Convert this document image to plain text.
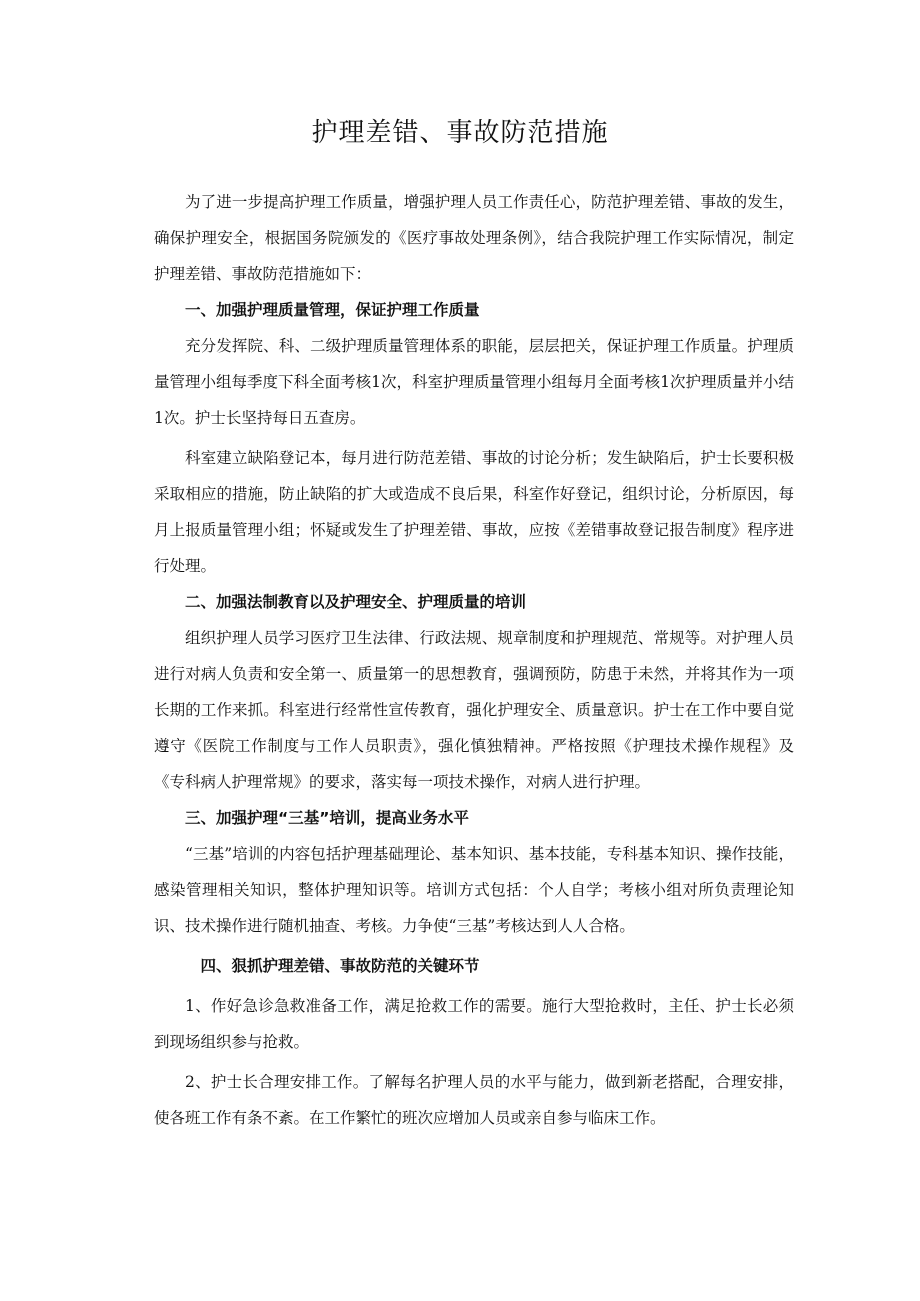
护理差错、事故防范措施

为了进一步提高护理工作质量，增强护理人员工作责任心，防范护理差错、事故的发生，确保护理安全，根据国务院颁发的《医疗事故处理条例》，结合我院护理工作实际情况，制定护理差错、事故防范措施如下：

一、加强护理质量管理，保证护理工作质量

充分发挥院、科、二级护理质量管理体系的职能，层层把关，保证护理工作质量。护理质量管理小组每季度下科全面考核1次，科室护理质量管理小组每月全面考核1次护理质量并小结1次。护士长坚持每日五查房。

科室建立缺陷登记本，每月进行防范差错、事故的讨论分析；发生缺陷后，护士长要积极采取相应的措施，防止缺陷的扩大或造成不良后果，科室作好登记，组织讨论，分析原因，每月上报质量管理小组；怀疑或发生了护理差错、事故，应按《差错事故登记报告制度》程序进行处理。

二、加强法制教育以及护理安全、护理质量的培训

组织护理人员学习医疗卫生法律、行政法规、规章制度和护理规范、常规等。对护理人员进行对病人负责和安全第一、质量第一的思想教育，强调预防，防患于未然，并将其作为一项长期的工作来抓。科室进行经常性宣传教育，强化护理安全、质量意识。护士在工作中要自觉遵守《医院工作制度与工作人员职责》，强化慎独精神。严格按照《护理技术操作规程》及《专科病人护理常规》的要求，落实每一项技术操作，对病人进行护理。

三、加强护理“三基”培训，提高业务水平

“三基”培训的内容包括护理基础理论、基本知识、基本技能，专科基本知识、操作技能，感染管理相关知识，整体护理知识等。培训方式包括：个人自学；考核小组对所负责理论知识、技术操作进行随机抽查、考核。力争使“三基”考核达到人人合格。

四、狠抓护理差错、事故防范的关键环节

1、作好急诊急救准备工作，满足抢救工作的需要。施行大型抢救时，主任、护士长必须到现场组织参与抢救。

2、护士长合理安排工作。了解每名护理人员的水平与能力，做到新老搭配，合理安排，使各班工作有条不紊。在工作繁忙的班次应增加人员或亲自参与临床工作。
